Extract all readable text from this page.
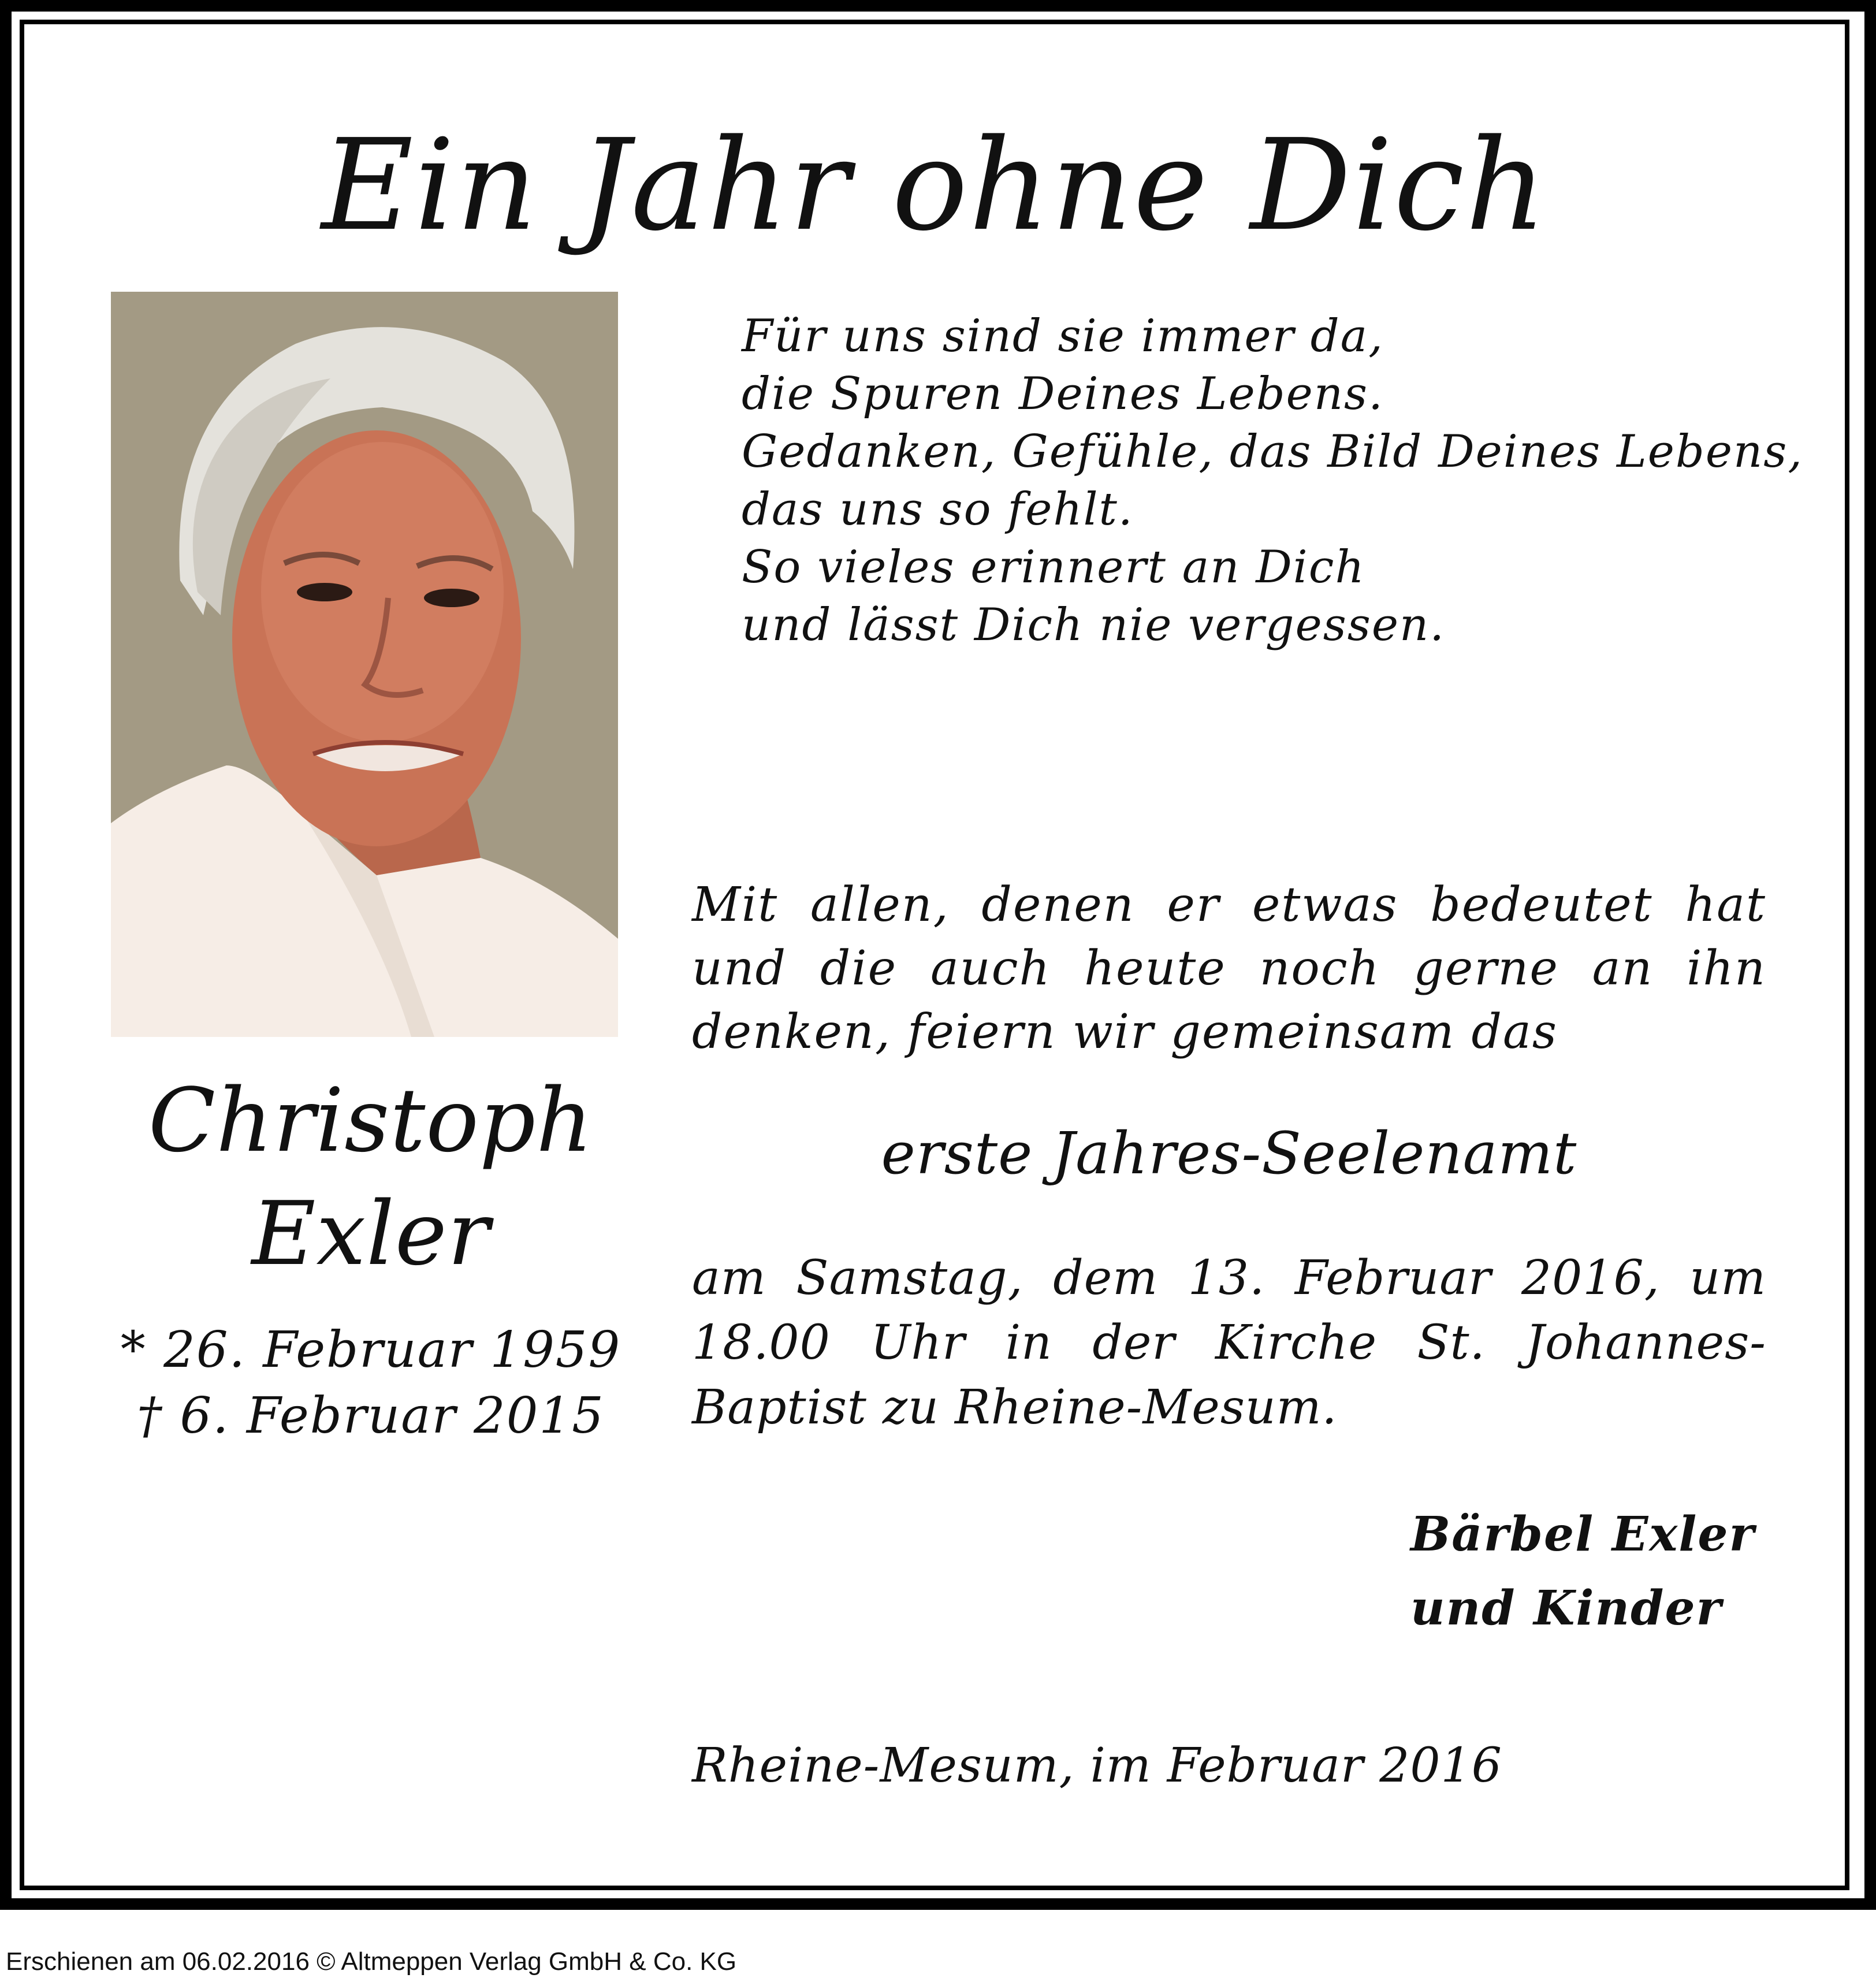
Ein Jahr ohne Dich
Für uns sind sie immer da,
die Spuren Deines Lebens.
Gedanken, Gefühle, das Bild Deines Lebens,
das uns so fehlt.
So vieles erinnert an Dich
und lässt Dich nie vergessen.
Christoph
Exler
* 26. Februar 1959
† 6. Februar 2015
Mit allen, denen er etwas bedeutet hat und die auch heute noch gerne an ihn denken, feiern wir gemeinsam das
erste Jahres-Seelenamt
am Samstag, dem 13. Februar 2016, um 18.00 Uhr in der Kirche St. Johannes-Baptist zu Rheine-Mesum.
Bärbel Exler
und Kinder
Rheine-Mesum, im Februar 2016
Erschienen am 06.02.2016 © Altmeppen Verlag GmbH & Co. KG
